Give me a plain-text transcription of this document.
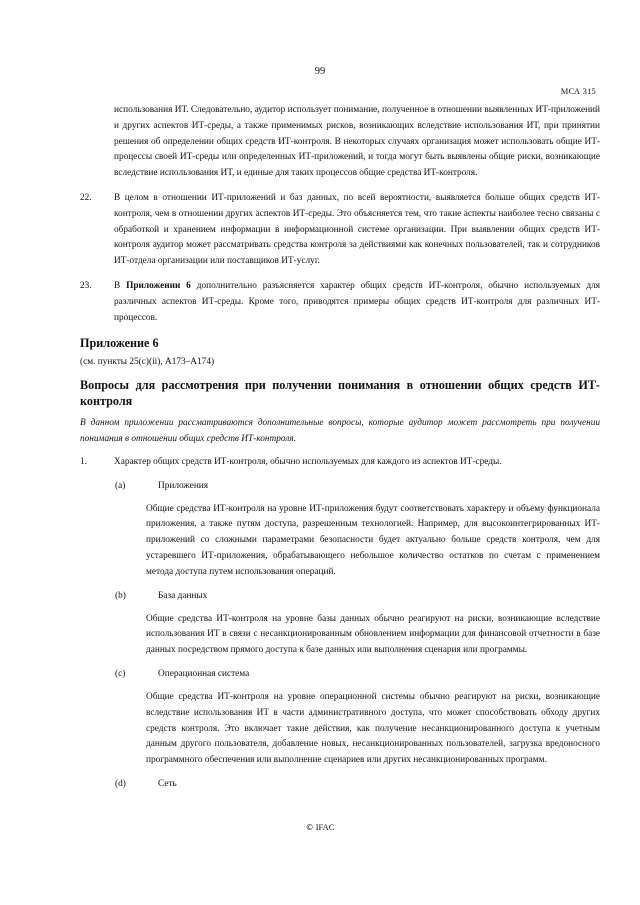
99
МСА 315

использования ИТ. Следовательно, аудитор использует понимание, полученное в отношении выявленных ИТ-приложений и других аспектов ИТ-среды, а также применимых рисков, возникающих вследствие использования ИТ, при принятии решения об определении общих средств ИТ-контроля. В некоторых случаях организация может использовать общие ИТ-процессы своей ИТ-среды или определенных ИТ-приложений, и тогда могут быть выявлены общие риски, возникающие вследствие использования ИТ, и единые для таких процессов общие средства ИТ-контроля.

22. В целом в отношении ИТ-приложений и баз данных, по всей вероятности, выявляется больше общих средств ИТ-контроля, чем в отношении других аспектов ИТ-среды. Это объясняется тем, что такие аспекты наиболее тесно связаны с обработкой и хранением информации в информационной системе организации. При выявлении общих средств ИТ-контроля аудитор может рассматривать средства контроля за действиями как конечных пользователей, так и сотрудников ИТ-отдела организации или поставщиков ИТ-услуг.

23. В Приложении 6 дополнительно разъясняется характер общих средств ИТ-контроля, обычно используемых для различных аспектов ИТ-среды. Кроме того, приводятся примеры общих средств ИТ-контроля для различных ИТ-процессов.

Приложение 6
(см. пункты 25(с)(ii), A173–A174)
Вопросы для рассмотрения при получении понимания в отношении общих средств ИТ-контроля

В данном приложении рассматриваются дополнительные вопросы, которые аудитор может рассмотреть при получении понимания в отношении общих средств ИТ-контроля.

1.	Характер общих средств ИТ-контроля, обычно используемых для каждого из аспектов ИТ-среды.

(a)	Приложения

Общие средства ИТ-контроля на уровне ИТ-приложения будут соответствовать характеру и объему функционала приложения, а также путям доступа, разрешенным технологией. Например, для высокоинтегрированных ИТ-приложений со сложными параметрами безопасности будет актуально больше средств контроля, чем для устаревшего ИТ-приложения, обрабатывающего небольшое количество остатков по счетам с применением метода доступа путем использования операций.

(b)	База данных

Общие средства ИТ-контроля на уровне базы данных обычно реагируют на риски, возникающие вследствие использования ИТ в связи с несанкционированным обновлением информации для финансовой отчетности в базе данных посредством прямого доступа к базе данных или выполнения сценария или программы.

(c)	Операционная система

Общие средства ИТ-контроля на уровне операционной системы обычно реагируют на риски, возникающие вследствие использования ИТ в части административного доступа, что может способствовать обходу других средств контроля. Это включает такие действия, как получение несанкционированного доступа к учетным данным другого пользователя, добавление новых, несанкционированных пользователей, загрузка вредоносного программного обеспечения или выполнение сценариев или других несанкционированных программ.

(d)	Сеть
© IFAC
